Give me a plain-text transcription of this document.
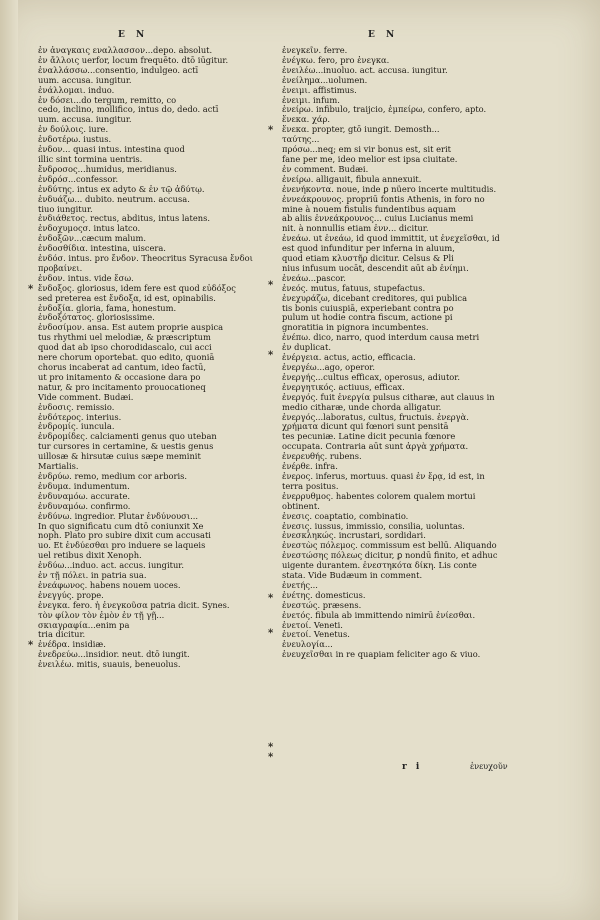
E N	E N

ἐν ἀναγκαις εναλλασσον...depo. absolut.

ἐν ἄλλοις uerfor, locum frequēto. dtō iūgitur.

ἐναλλάσσω...consentio, indulgeo. actī

uum. accusa. iungitur.

ἐνάλλομαι. induo.

ἐν δόσει...do tergum, remitto, co

cedo, inclino, mollifico, intus do, dedo. actī

uum. accusa. iungitur.

ἐν δούλοις. iure.

ἐνδοτέρω. iustus.

ἐνδον... quasi intus. intestina quod

illic sint tormina uentris.

ἔνδροσος...humidus, meridianus.

ἐνδρόσ...confessor.

ἐνδύτης. intus ex adyto & ἐν τῷ ἀδύτῳ.

ἐνδυάζω... dubito. neutrum. accusa.

tiuo iungitur.

ἐνδιάθετος. rectus, abditus, intus latens.

ἐνδοχυμοςσ. intus latco.

ἐνδοξῶν...cæcum malum.

ἐνδοσθίδια. intestina, uiscera.

ἐνδόσ. intus. pro ἔνδον. Theocritus Syracusa ἔνδοι

προβαίνει.

ἐνδον. intus. vide ἔσω.

ἔνδοξος. gloriosus, idem fere est quod εὐδόξος

sed preterea est ἔνδοξα, id est, opinabilis.

ἐνδοξία. gloria, fama, honestum.

ἐνδοξότατος. gloriosissime.

ἐνδοσίμον. ansa. Est autem proprie auspica

tus rhythmi uel melodiæ, & præscriptum

quod dat ab ipso chorodidascalo, cui acci

nere chorum oportebat. quo edito, quoniā

chorus incaberat ad cantum, ideo factū,

ut pro initamento & occasione dara po

natur, & pro incitamento prouocationeq

Vide comment. Budæi.

ἐνδοσις. remissio.

ἐνδότερος. interius.

ἐνδρομίς. iuncula.

ἐνδρομίδες. calciamenti genus quo uteban

tur cursores in certamine, & uestis genus

uillosæ & hirsutæ cuius sæpe meminit

Martialis.

ἐνδρύω. remo, medium cor arboris.

ἐνδυμα. indumentum.

ἐνδυναμόω. accurate.

ἐνδυναμόω. confirmo.

ἐνδύνω. ingredior. Plutar ἐνδύνουσι...

In quo significatu cum dtō coniunxit Xe

noph. Plato pro subire dixit cum accusati

uo. Et ἐνδύεσθαι pro induere se laqueis

uel retibus dixit Xenoph.

ἐνδύω...induo. act. accus. iungitur.

ἐν τῇ πόλει. in patria sua.

ἐνεάφωνος. habens nouem uoces.

ἐνεγγύς. prope.

ἐνεγκα. fero. ἡ ἐνεγκοῦσα patria dicit. Synes.

τὸν φίλον τὸν ἐμὸν ἐν τῇ γῇ...

σκιαγραφία...enim pa

tria dicitur.

ἐνέδρα. insidiæ.

ἐνεδρεύω...insidior. neut. dtō iungit.

ἐνειλέω. mitis, suauis, beneuolus.

ἐνεγκεῖν. ferre.

ἐνέγκω. fero, pro ἐνεγκα.

ἐνειλέω...inuoluo. act. accusa. iungitur.

ἐνείλημα...uolumen.

ἐνειμι. affistimus.

ἐνειμι. infum.

ἐνείρω. infibulo, traijcio, ἐμπείρω, confero, apto.

ἕνεκα. χάρ.

ἕνεκα. propter, gtō iungit. Demosth...

ταύτης...

πρόσω...neq; em si vir bonus est, sit erit

fane per me, ideo melior est ipsa ciuitate.

ἐν comment. Budæi.

ἐνείρω. alligauit, fibula annexuit.

ἐνενήκοντα. noue, inde ꝑ nüero incerte multitudis.

ἐννεάκρουνος. propriū fontis Athenis, in foro no

mine à nouem fistulis fundentibus aquam

ab aliis ἐννεάκρουνος... cuius Lucianus memi

nit. à nonnullis etiam ἐνν... dicitur.

ἐνεάω. ut ἐνεάω, id quod immittit, ut ἐνεχεῖσθαι, id

est quod infunditur per inferna in aluum,

quod etiam κλυστῆρ dicitur. Celsus & Pli

nius infusum uocāt, descendit aūt ab ἐνίημι.

ἐνεάω...pascor.

ἐνεός. mutus, fatuus, stupefactus.

ἐνεχυράζω, dicebant creditores, qui publica

tis bonis cuiuspiā, experiebant contra po

pulum ut hodie contra fiscum, actione pi

gnoratitia in pignora incumbentes.

ἐνέπω. dico, narro, quod interdum causa metri

ἐν duplicat.

ἐνέργεια. actus, actio, efficacia.

ἐνεργέω...ago, operor.

ἐνεργής...cultus efficax, operosus, adiutor.

ἐνεργητικός. actiuus, efficax.

ἐνεργός. fuit ἐνεργία pulsus citharæ, aut clauus in

medio citharæ, unde chorda alligatur.

ἐνεργός...laboratus, cultus, fructuis. ἐνεργὰ.

χρήματα dicunt qui fœnori sunt pensitā

tes pecuniæ. Latine dicit pecunia fœnore

occupata. Contraria aūt sunt ἀργὰ χρήματα.

ἐνερευθής. rubens.

ἐνέρθε. infra.

ἐνερος. inferus, mortuus. quasi ἐν ἔρᾳ, id est, in

terra positus.

ἐνερρυθμος. habentes colorem qualem mortui

obtinent.

ἐνεσις. coaptatio, combinatio.

ἐνεσις. iussus, immissio, consilia, uoluntas.

ἐνεσκληκώς. incrustari, sordidari.

ἐνεστὼς πόλεμος. commissum est bellū. Aliquando

ἐνεστώσης πόλεως dicitur, ꝑ nondū finito, et adhuc

uigente durantem. ἐνεστηκότα δίκη. Lis conte

stata. Vide Budæum in comment.

ἐνετής...

ἐνέτης. domesticus.

ἐνεστώς. præsens.

ἐνετός. fibula ab immittendo nimirū ἐνίεσθαι.

ἐνετοί. Veneti.

ἐνετοί. Venetus.

ἐνευλογία...

ἐνευχεῖσθαι in re quapiam feliciter ago & viuo.

*
*
*
*
*
*
*
*
*
r i	ἐνευχοῦν
